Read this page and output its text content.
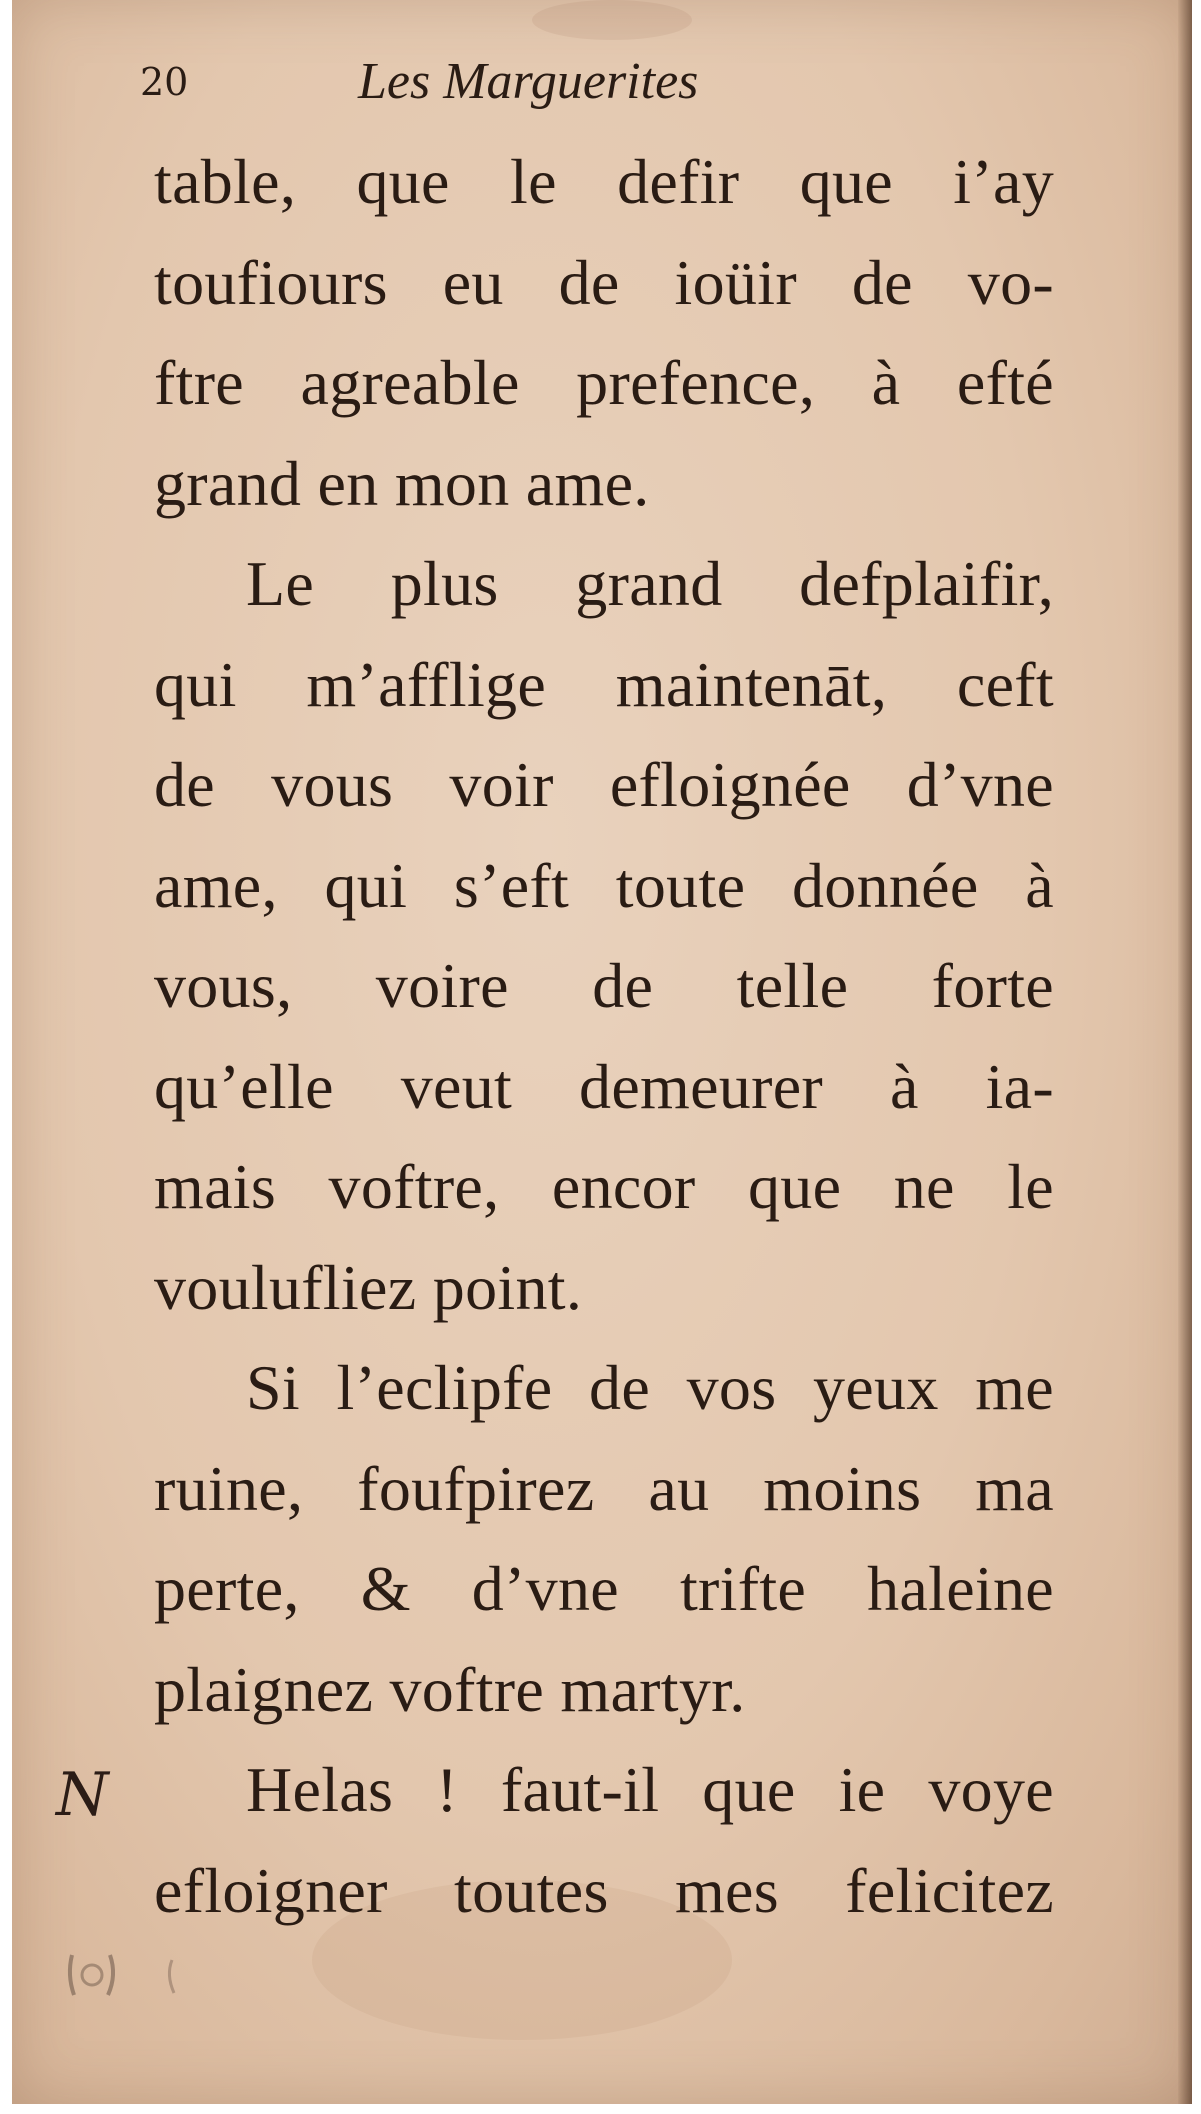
20	Les Marguerites
table, que le defir que i’ay
toufiours eu de ioüir de vo-
ftre agreable prefence, à efté
grand en mon ame.
Le plus grand defplaifir,
qui m’afflige maintenāt, ceft
de vous voir efloignée d’vne
ame, qui s’eft toute donnée à
vous, voire de telle forte
qu’elle veut demeurer à ia-
mais voftre, encor que ne le
voulufliez point.
Si l’eclipfe de vos yeux me
ruine, foufpirez au moins ma
perte, & d’vne trifte haleine
plaignez voftre martyr.
Helas ! faut-il que ie voye
efloigner toutes mes felicitez
N
